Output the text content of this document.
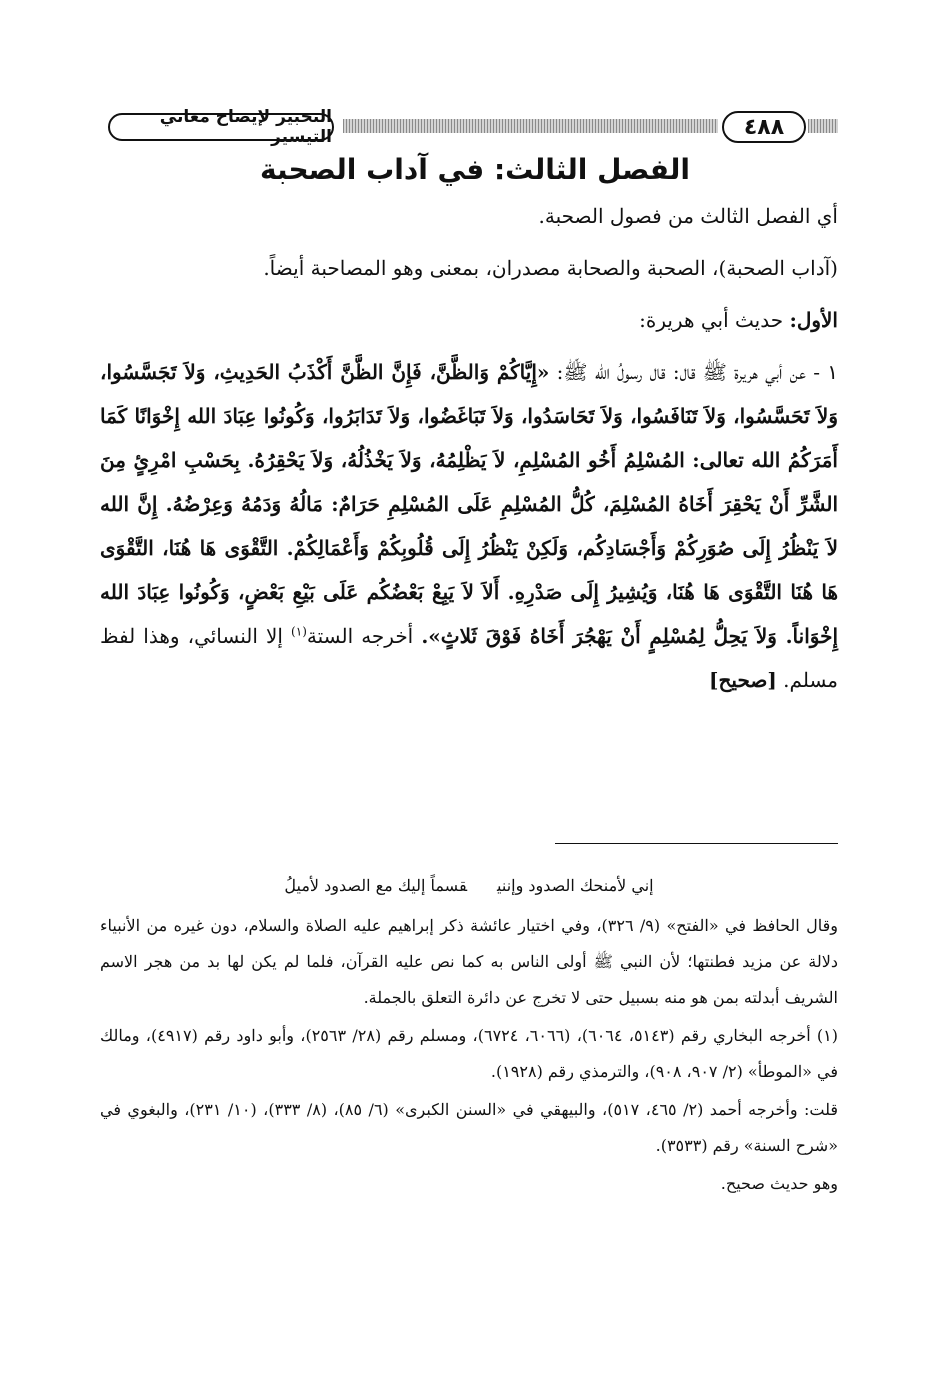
التحبير لإيضاح معاني التيسير	٤٨٨
الفصل الثالث: في آداب الصحبة

أي الفصل الثالث من فصول الصحبة.

(آداب الصحبة)، الصحبة والصحابة مصدران، بمعنى وهو المصاحبة أيضاً.

الأول: حديث أبي هريرة:

١ - عن أبي هريرة ﷺ قال: قال رسولُ الله ﷺ: «إِيَّاكُمْ وَالظَّنَّ، فَإِنَّ الظَّنَّ أَكْذَبُ الحَدِيثِ، وَلاَ تَجَسَّسُوا، وَلاَ تَحَسَّسُوا، وَلاَ تَنَافَسُوا، وَلاَ تَحَاسَدُوا، وَلاَ تَبَاغَضُوا، وَلاَ تَدَابَرُوا، وَكُونُوا عِبَادَ الله إِخْوَانًا كَمَا أَمَرَكُمُ الله تعالى: المُسْلِمُ أَخُو المُسْلِمِ، لاَ يَظْلِمُهُ، وَلاَ يَخْذُلُهُ، وَلاَ يَحْقِرُهُ. بِحَسْبِ امْرِئٍ مِنَ الشَّرِّ أَنْ يَحْقِرَ أَخَاهُ المُسْلِمَ، كُلُّ المُسْلِمِ عَلَى المُسْلِمِ حَرَامٌ: مَالُهُ وَدَمُهُ وَعِرْضُهُ. إِنَّ الله لاَ يَنْظُرُ إِلَى صُوَرِكُمْ وَأَجْسَادِكُم، وَلَكِنْ يَنْظُرُ إِلَى قُلُوبِكُمْ وَأَعْمَالِكُمْ. التَّقْوَى هَا هُنَا، التَّقْوَى هَا هُنَا التَّقْوَى هَا هُنَا، وَيُشِيرُ إِلَى صَدْرِهِ. أَلاَ لاَ يَبِعْ بَعْضُكُم عَلَى بَيْعِ بَعْضٍ، وَكُونُوا عِبَادَ الله إِخْوَاناً. وَلاَ يَحِلُّ لِمُسْلِمٍ أَنْ يَهْجُرَ أَخَاهُ فَوْقَ ثَلاثٍ». أخرجه الستة$^{(١)}$ إلا النسائي، وهذا لفظ مسلم. [صحيح]

إني لأمنحك الصدود وإننيقسماً إليك مع الصدود لأميلُ

وقال الحافظ في «الفتح» (٩/ ٣٢٦)، وفي اختيار عائشة ذكر إبراهيم عليه الصلاة والسلام، دون غيره من الأنبياء دلالة عن مزيد فطنتها؛ لأن النبي ﷺ أولى الناس به كما نص عليه القرآن، فلما لم يكن لها بد من هجر الاسم الشريف أبدلته بمن هو منه بسبيل حتى لا تخرج عن دائرة التعلق بالجملة.

(١) أخرجه البخاري رقم (٥١٤٣، ٦٠٦٤)، (٦٠٦٦، ٦٧٢٤)، ومسلم رقم (٢٨/ ٢٥٦٣)، وأبو داود رقم (٤٩١٧)، ومالك في «الموطأ» (٢/ ٩٠٧، ٩٠٨)، والترمذي رقم (١٩٢٨).

قلت: وأخرجه أحمد (٢/ ٤٦٥، ٥١٧)، والبيهقي في «السنن الكبرى» (٦/ ٨٥)، (٨/ ٣٣٣)، (١٠/ ٢٣١)، والبغوي في «شرح السنة» رقم (٣٥٣٣).

وهو حديث صحيح.
